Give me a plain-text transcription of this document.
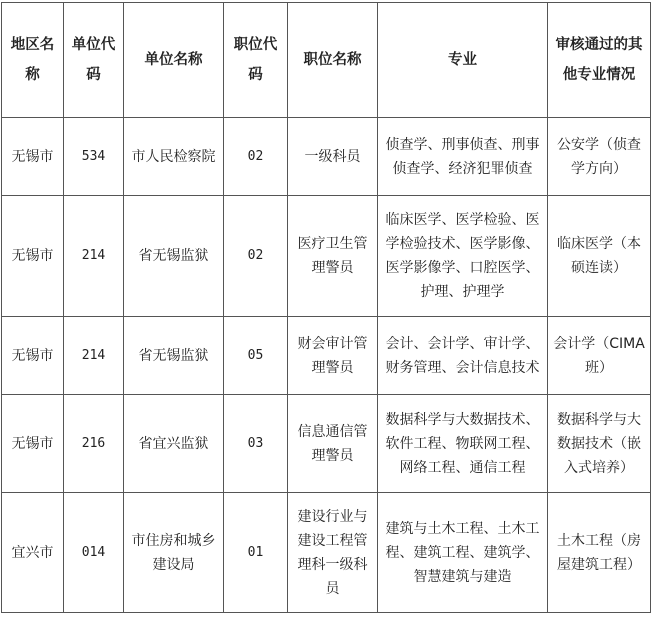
地区名称	单位代码	单位名称	职位代码	职位名称	专业	审核通过的其他专业情况
无锡市	534	市人民检察院	02	一级科员	侦查学、刑事侦查、刑事侦查学、经济犯罪侦查	公安学（侦查学方向）
无锡市	214	省无锡监狱	02	医疗卫生管理警员	临床医学、医学检验、医学检验技术、医学影像、医学影像学、口腔医学、护理、护理学	临床医学（本硕连读）
无锡市	214	省无锡监狱	05	财会审计管理警员	会计、会计学、审计学、财务管理、会计信息技术	会计学（CIMA班）
无锡市	216	省宜兴监狱	03	信息通信管理警员	数据科学与大数据技术、软件工程、物联网工程、网络工程、通信工程	数据科学与大数据技术（嵌入式培养）
宜兴市	014	市住房和城乡建设局	01	建设行业与建设工程管理科一级科员	建筑与土木工程、土木工程、建筑工程、建筑学、智慧建筑与建造	土木工程（房屋建筑工程）
